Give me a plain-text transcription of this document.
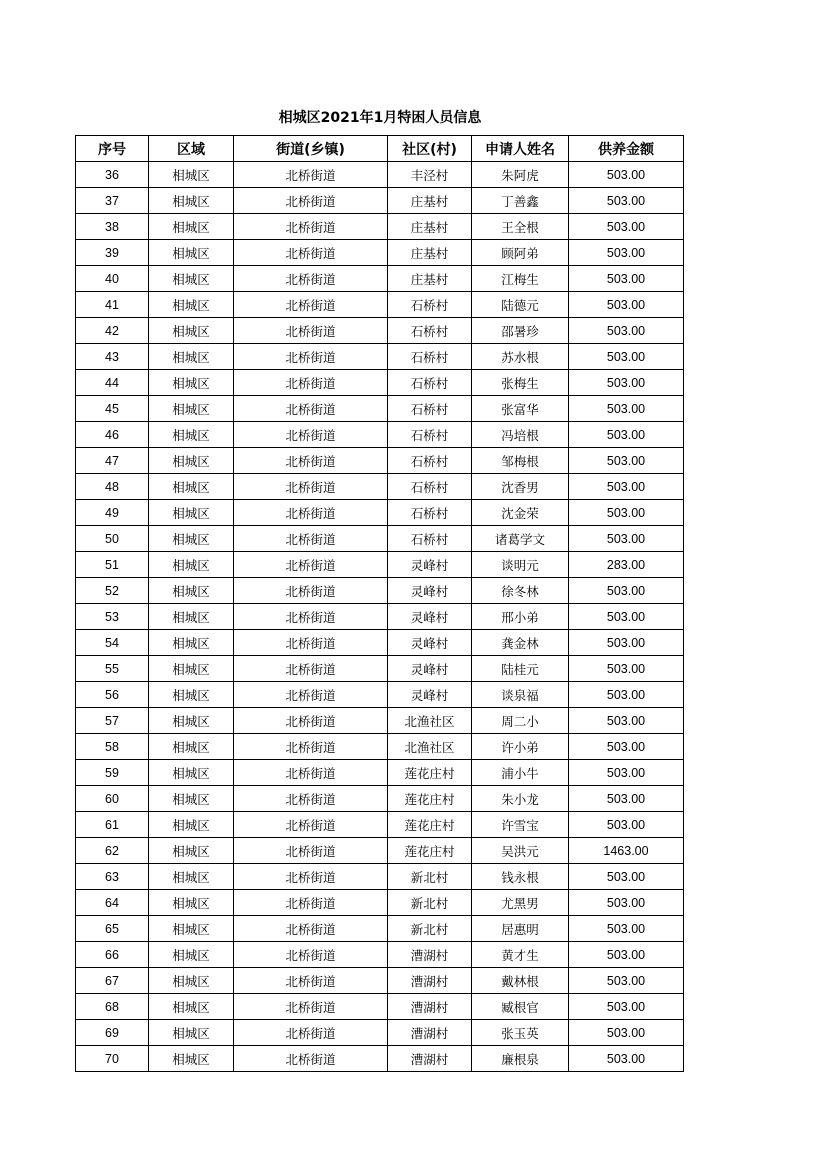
相城区2021年1月特困人员信息
序号	区域	街道(乡镇)	社区(村)	申请人姓名	供养金额
36	相城区	北桥街道	丰泾村	朱阿虎	503.00
37	相城区	北桥街道	庄基村	丁善鑫	503.00
38	相城区	北桥街道	庄基村	王全根	503.00
39	相城区	北桥街道	庄基村	顾阿弟	503.00
40	相城区	北桥街道	庄基村	江梅生	503.00
41	相城区	北桥街道	石桥村	陆德元	503.00
42	相城区	北桥街道	石桥村	邵暑珍	503.00
43	相城区	北桥街道	石桥村	苏水根	503.00
44	相城区	北桥街道	石桥村	张梅生	503.00
45	相城区	北桥街道	石桥村	张富华	503.00
46	相城区	北桥街道	石桥村	冯培根	503.00
47	相城区	北桥街道	石桥村	邹梅根	503.00
48	相城区	北桥街道	石桥村	沈香男	503.00
49	相城区	北桥街道	石桥村	沈金荣	503.00
50	相城区	北桥街道	石桥村	诸葛学文	503.00
51	相城区	北桥街道	灵峰村	谈明元	283.00
52	相城区	北桥街道	灵峰村	徐冬林	503.00
53	相城区	北桥街道	灵峰村	邢小弟	503.00
54	相城区	北桥街道	灵峰村	龚金林	503.00
55	相城区	北桥街道	灵峰村	陆桂元	503.00
56	相城区	北桥街道	灵峰村	谈泉福	503.00
57	相城区	北桥街道	北渔社区	周二小	503.00
58	相城区	北桥街道	北渔社区	许小弟	503.00
59	相城区	北桥街道	莲花庄村	浦小牛	503.00
60	相城区	北桥街道	莲花庄村	朱小龙	503.00
61	相城区	北桥街道	莲花庄村	许雪宝	503.00
62	相城区	北桥街道	莲花庄村	吴洪元	1463.00
63	相城区	北桥街道	新北村	钱永根	503.00
64	相城区	北桥街道	新北村	尤黑男	503.00
65	相城区	北桥街道	新北村	居惠明	503.00
66	相城区	北桥街道	漕湖村	黄才生	503.00
67	相城区	北桥街道	漕湖村	戴林根	503.00
68	相城区	北桥街道	漕湖村	臧根官	503.00
69	相城区	北桥街道	漕湖村	张玉英	503.00
70	相城区	北桥街道	漕湖村	廉根泉	503.00
